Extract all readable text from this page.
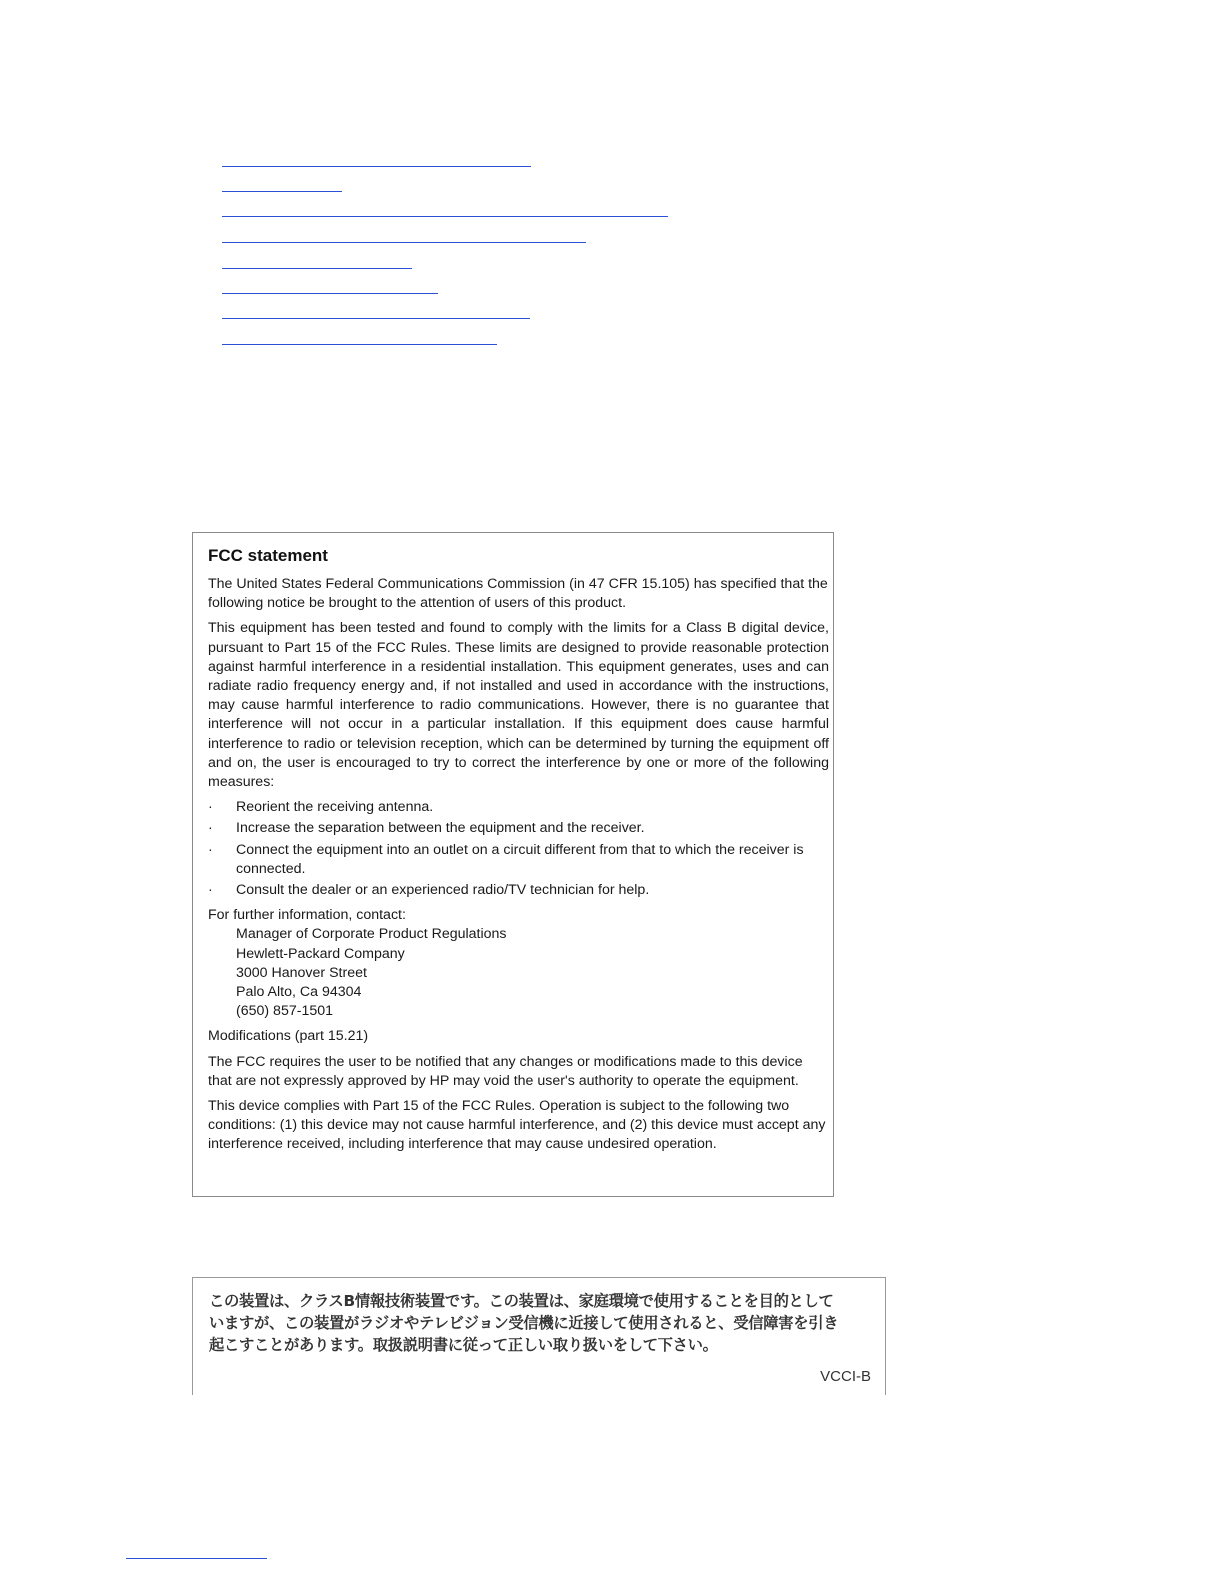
FCC statement

The United States Federal Communications Commission (in 47 CFR 15.105) has specified that the following notice be brought to the attention of users of this product.

This equipment has been tested and found to comply with the limits for a Class B digital device, pursuant to Part 15 of the FCC Rules. These limits are designed to provide reasonable protection against harmful interference in a residential installation. This equipment generates, uses and can radiate radio frequency energy and, if not installed and used in accordance with the instructions, may cause harmful interference to radio communications. However, there is no guarantee that interference will not occur in a particular installation. If this equipment does cause harmful interference to radio or television reception, which can be determined by turning the equipment off and on, the user is encouraged to try to correct the interference by one or more of the following measures:

· Reorient the receiving antenna.
· Increase the separation between the equipment and the receiver.
· Connect the equipment into an outlet on a circuit different from that to which the receiver is connected.
· Consult the dealer or an experienced radio/TV technician for help.

For further information, contact:

Manager of Corporate Product Regulations

Hewlett-Packard Company

3000 Hanover Street

Palo Alto, Ca 94304

(650) 857-1501

Modifications (part 15.21)

The FCC requires the user to be notified that any changes or modifications made to this device that are not expressly approved by HP may void the user's authority to operate the equipment.

This device complies with Part 15 of the FCC Rules. Operation is subject to the following two conditions: (1) this device may not cause harmful interference, and (2) this device must accept any interference received, including interference that may cause undesired operation.

この装置は、クラスB情報技術装置です。この装置は、家庭環境で使用することを目的として

いますが、この装置がラジオやテレビジョン受信機に近接して使用されると、受信障害を引き

起こすことがあります。取扱説明書に従って正しい取り扱いをして下さい。

VCCI-B
